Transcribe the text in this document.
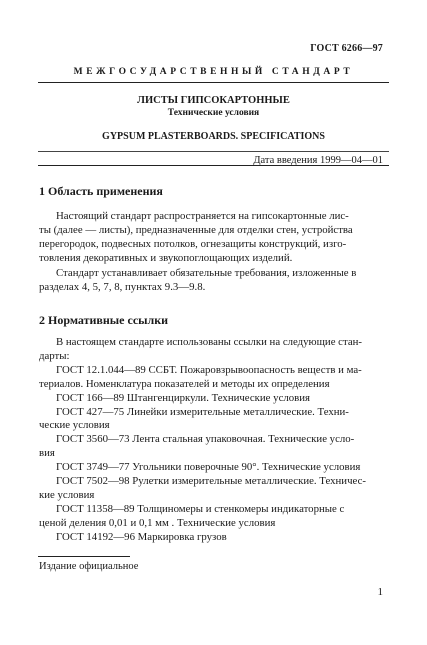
ГОСТ 6266—97
МЕЖГОСУДАРСТВЕННЫЙ СТАНДАРТ
ЛИСТЫ ГИПСОКАРТОННЫЕ
Технические условия
GYPSUM PLASTERBOARDS. SPECIFICATIONS
Дата введения 1999—04—01
1 Область применения
Настоящий стандарт распространяется на гипсокартонные лис-
ты (далее — листы), предназначенные для отделки стен, устройства
перегородок, подвесных потолков, огнезащиты конструкций, изго-
товления декоративных и звукопоглощающих изделий.
Стандарт устанавливает обязательные требования, изложенные в
разделах 4, 5, 7, 8, пунктах 9.3—9.8.
2 Нормативные ссылки
В настоящем стандарте использованы ссылки на следующие стан-
дарты:
ГОСТ 12.1.044—89 ССБТ. Пожаровзрывоопасность веществ и ма-
териалов. Номенклатура показателей и методы их определения
ГОСТ 166—89 Штангенциркули. Технические условия
ГОСТ 427—75 Линейки измерительные металлические. Техни-
ческие условия
ГОСТ 3560—73 Лента стальная упаковочная. Технические усло-
вия
ГОСТ 3749—77 Угольники поверочные 90°. Технические условия
ГОСТ 7502—98 Рулетки измерительные металлические. Техничес-
кие условия
ГОСТ 11358—89 Толщиномеры и стенкомеры индикаторные с
ценой деления 0,01 и 0,1 мм . Технические условия
ГОСТ 14192—96 Маркировка грузов
Издание официальное
1
